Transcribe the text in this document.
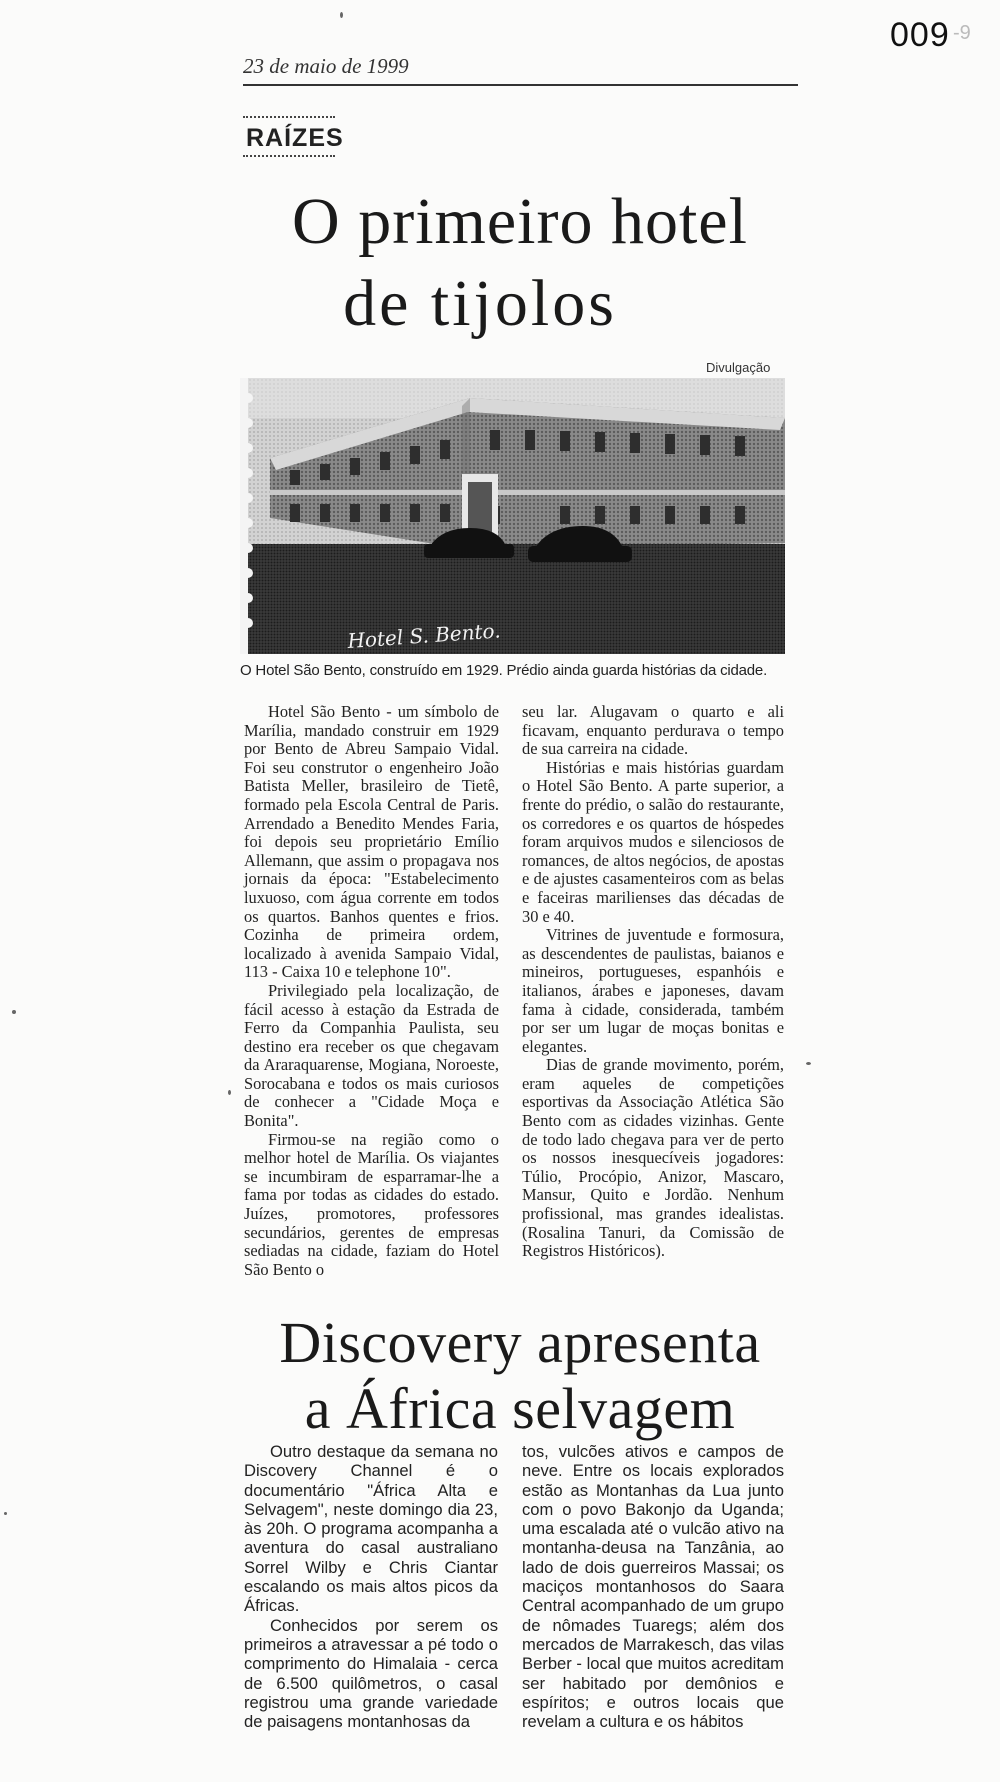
009 -9
23 de maio de 1999
RAÍZES
O primeiro hotel
de tijolos
Divulgação
Hotel S. Bento.
O Hotel São Bento, construído em 1929. Prédio ainda guarda histórias da cidade.

Hotel São Bento - um símbolo de Marília, mandado construir em 1929 por Bento de Abreu Sampaio Vidal. Foi seu construtor o engenheiro João Batista Meller, brasileiro de Tietê, formado pela Escola Central de Paris. Arrendado a Benedito Mendes Faria, foi depois seu proprietário Emílio Allemann, que assim o propagava nos jornais da época: "Estabelecimento luxuoso, com água corrente em todos os quartos. Banhos quentes e frios. Cozinha de primeira ordem, localizado à avenida Sampaio Vidal, 113 - Caixa 10 e telephone 10".

Privilegiado pela localização, de fácil acesso à estação da Estrada de Ferro da Companhia Paulista, seu destino era receber os que chegavam da Araraquarense, Mogiana, Noroeste, Sorocabana e todos os mais curiosos de conhecer a "Cidade Moça e Bonita".

Firmou-se na região como o melhor hotel de Marília. Os viajantes se incumbiram de esparramar-lhe a fama por todas as cidades do estado. Juízes, promotores, professores secundários, gerentes de empresas sediadas na cidade, faziam do Hotel São Bento o

seu lar. Alugavam o quarto e ali ficavam, enquanto perdurava o tempo de sua carreira na cidade.

Histórias e mais histórias guardam o Hotel São Bento. A parte superior, a frente do prédio, o salão do restaurante, os corredores e os quartos de hóspedes foram arquivos mudos e silenciosos de romances, de altos negócios, de apostas e de ajustes casamenteiros com as belas e faceiras marilienses das décadas de 30 e 40.

Vitrines de juventude e formosura, as descendentes de paulistas, baianos e mineiros, portugueses, espanhóis e italianos, árabes e japoneses, davam fama à cidade, considerada, também por ser um lugar de moças bonitas e elegantes.

Dias de grande movimento, porém, eram aqueles de competições esportivas da Associação Atlética São Bento com as cidades vizinhas. Gente de todo lado chegava para ver de perto os nossos inesquecíveis jogadores: Túlio, Procópio, Anizor, Mascaro, Mansur, Quito e Jordão. Nenhum profissional, mas grandes idealistas. (Rosalina Tanuri, da Comissão de Registros Históricos).

Discovery apresenta
a África selvagem

Outro destaque da semana no Discovery Channel é o documentário "África Alta e Selvagem", neste domingo dia 23, às 20h. O programa acompanha a aventura do casal australiano Sorrel Wilby e Chris Ciantar escalando os mais altos picos da Áfricas.

Conhecidos por serem os primeiros a atravessar a pé todo o comprimento do Himalaia - cerca de 6.500 quilômetros, o casal registrou uma grande variedade de paisagens montanhosas da

tos, vulcões ativos e campos de neve. Entre os locais explorados estão as Montanhas da Lua junto com o povo Bakonjo da Uganda; uma escalada até o vulcão ativo na montanha-deusa na Tanzânia, ao lado de dois guerreiros Massai; os maciços montanhosos do Saara Central acompanhado de um grupo de nômades Tuaregs; além dos mercados de Marrakesch, das vilas Berber - local que muitos acreditam ser habitado por demônios e espíritos; e outros locais que revelam a cultura e os hábitos
